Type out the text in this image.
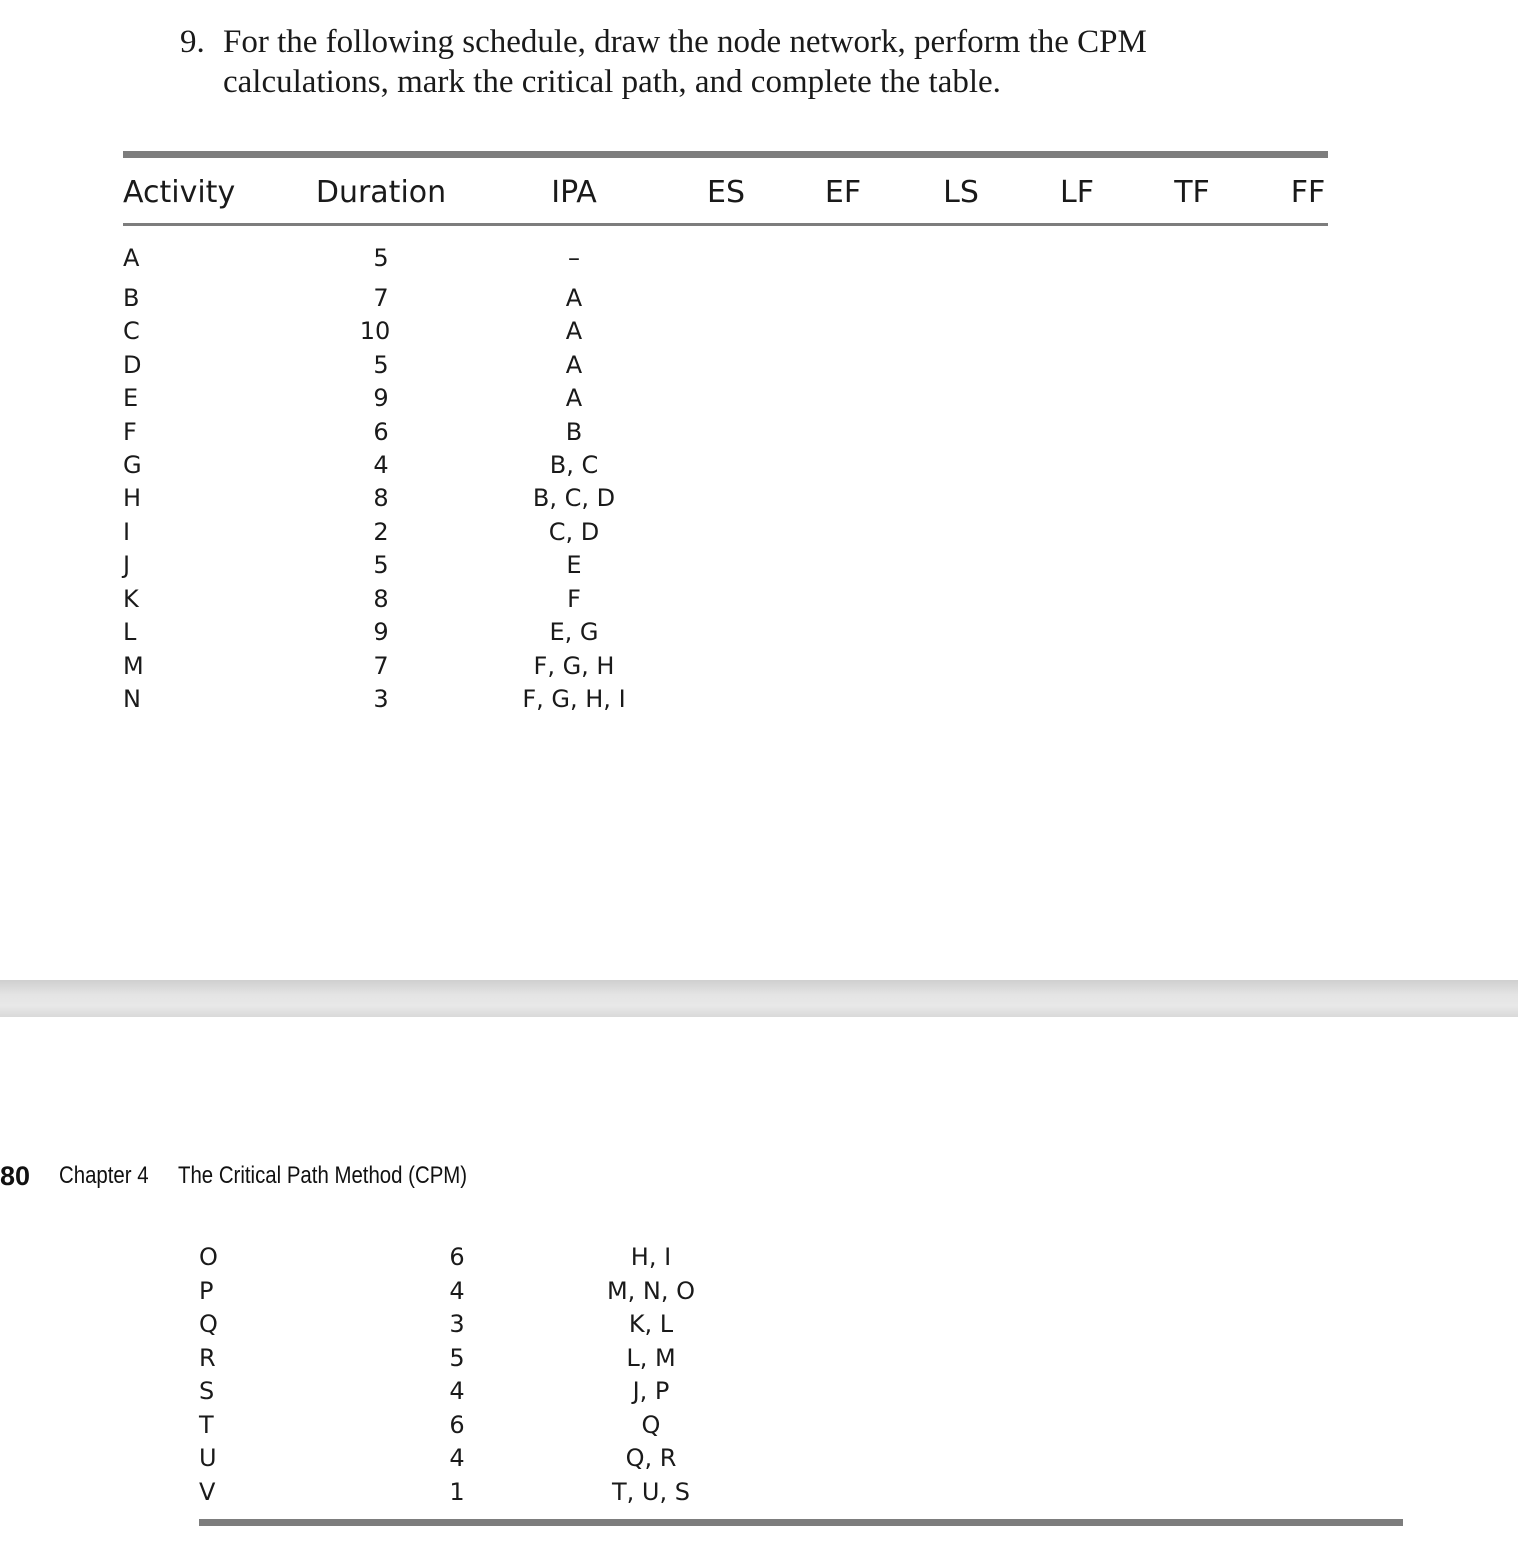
9. For the following schedule, draw the node network, perform the CPM calculations, mark the critical path, and complete the table.
Activity	Duration	IPA	ES	EF	LS	LF	TF	FF
A	5	–
B	7	A
C	10	A
D	5	A
E	9	A
F	6	B
G	4	B, C
H	8	B, C, D
I	2	C, D
J	5	E
K	8	F
L	9	E, G
M	7	F, G, H
N	3	F, G, H, I
80 Chapter 4 The Critical Path Method (CPM)
O	6	H, I
P	4	M, N, O
Q	3	K, L
R	5	L, M
S	4	J, P
T	6	Q
U	4	Q, R
V	1	T, U, S
